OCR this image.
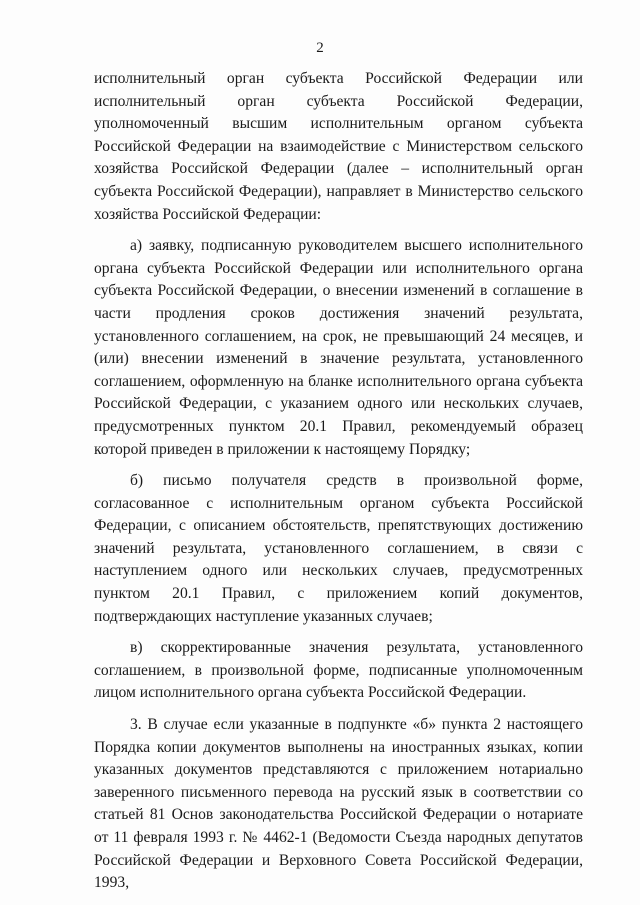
2

исполнительный орган субъекта Российской Федерации или исполнительный орган субъекта Российской Федерации, уполномоченный высшим исполнительным органом субъекта Российской Федерации на взаимодействие с Министерством сельского хозяйства Российской Федерации (далее – исполнительный орган субъекта Российской Федерации), направляет в Министерство сельского хозяйства Российской Федерации:

а) заявку, подписанную руководителем высшего исполнительного органа субъекта Российской Федерации или исполнительного органа субъекта Российской Федерации, о внесении изменений в соглашение в части продления сроков достижения значений результата, установленного соглашением, на срок, не превышающий 24 месяцев, и (или) внесении изменений в значение результата, установленного соглашением, оформленную на бланке исполнительного органа субъекта Российской Федерации, с указанием одного или нескольких случаев, предусмотренных пунктом 20.1 Правил, рекомендуемый образец которой приведен в приложении к настоящему Порядку;

б) письмо получателя средств в произвольной форме, согласованное с исполнительным органом субъекта Российской Федерации, с описанием обстоятельств, препятствующих достижению значений результата, установленного соглашением, в связи с наступлением одного или нескольких случаев, предусмотренных пунктом 20.1 Правил, с приложением копий документов, подтверждающих наступление указанных случаев;

в) скорректированные значения результата, установленного соглашением, в произвольной форме, подписанные уполномоченным лицом исполнительного органа субъекта Российской Федерации.

3. В случае если указанные в подпункте «б» пункта 2 настоящего Порядка копии документов выполнены на иностранных языках, копии указанных документов представляются с приложением нотариально заверенного письменного перевода на русский язык в соответствии со статьей 81 Основ законодательства Российской Федерации о нотариате от 11 февраля 1993 г. № 4462-1 (Ведомости Съезда народных депутатов Российской Федерации и Верховного Совета Российской Федерации, 1993,
